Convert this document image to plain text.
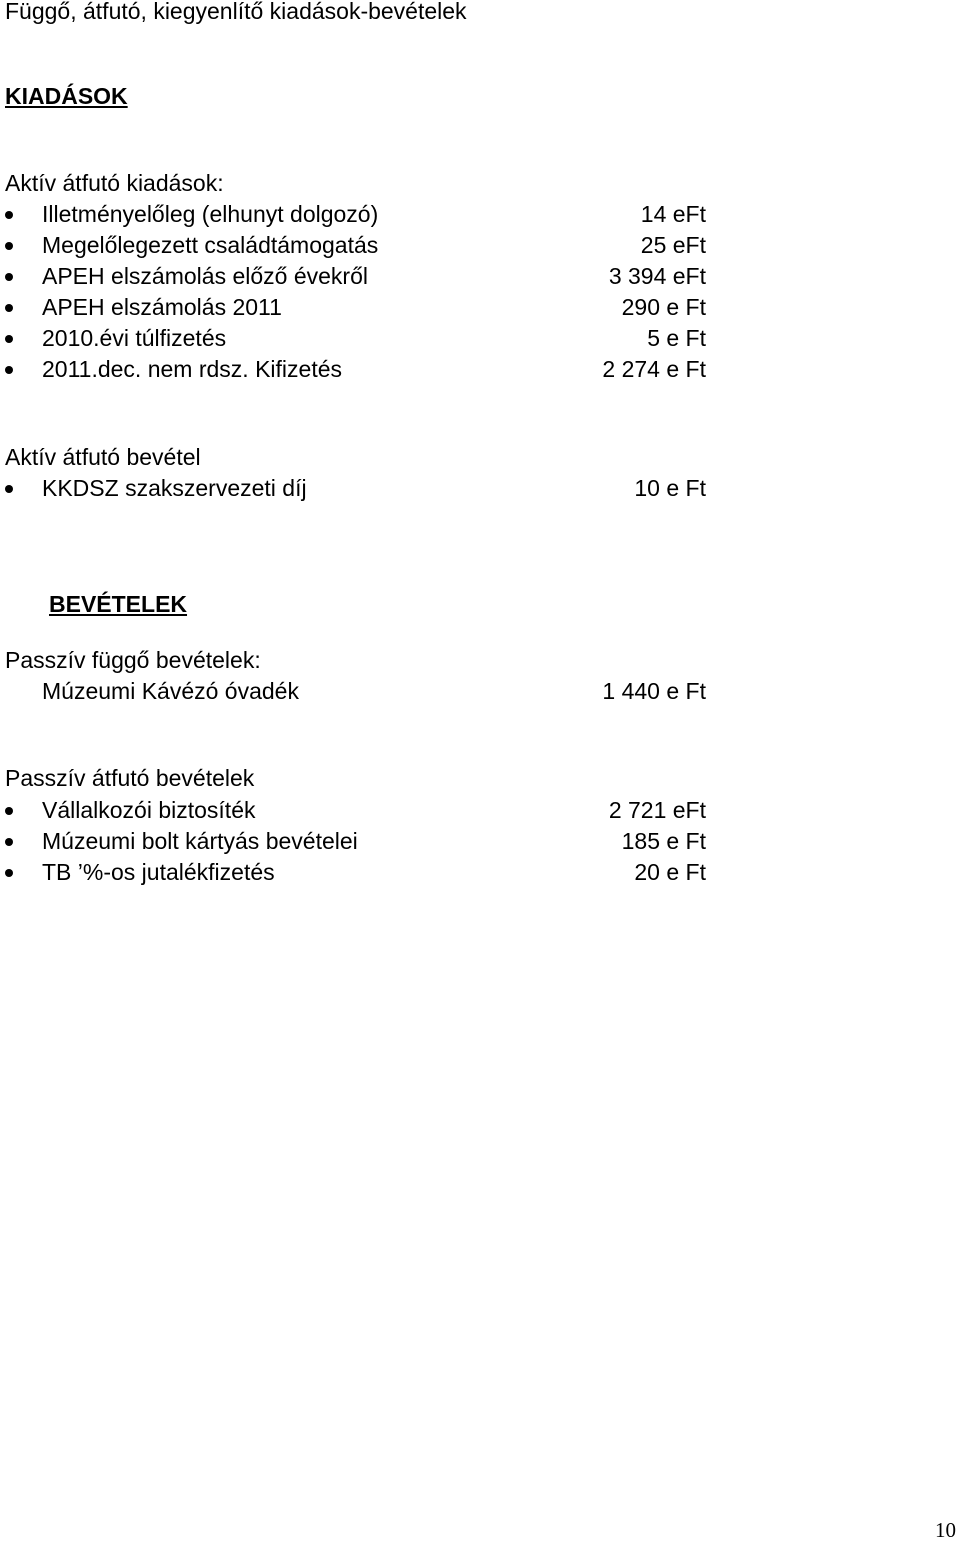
Függő, átfutó, kiegyenlítő kiadások-bevételek
KIADÁSOK
Aktív átfutó kiadások:
Illetményelőleg (elhunyt dolgozó)	14 eFt
Megelőlegezett családtámogatás	25 eFt
APEH elszámolás előző évekről	3 394 eFt
APEH elszámolás 2011	290 e Ft
2010.évi túlfizetés	5 e Ft
2011.dec. nem rdsz. Kifizetés	2 274 e Ft
Aktív átfutó bevétel
KKDSZ szakszervezeti díj	10 e Ft
BEVÉTELEK
Passzív függő bevételek:
Múzeumi Kávézó óvadék	1 440 e Ft
Passzív átfutó bevételek
Vállalkozói biztosíték	2 721 eFt
Múzeumi bolt kártyás bevételei	185 e Ft
TB ’%-os jutalékfizetés	20 e Ft
10
